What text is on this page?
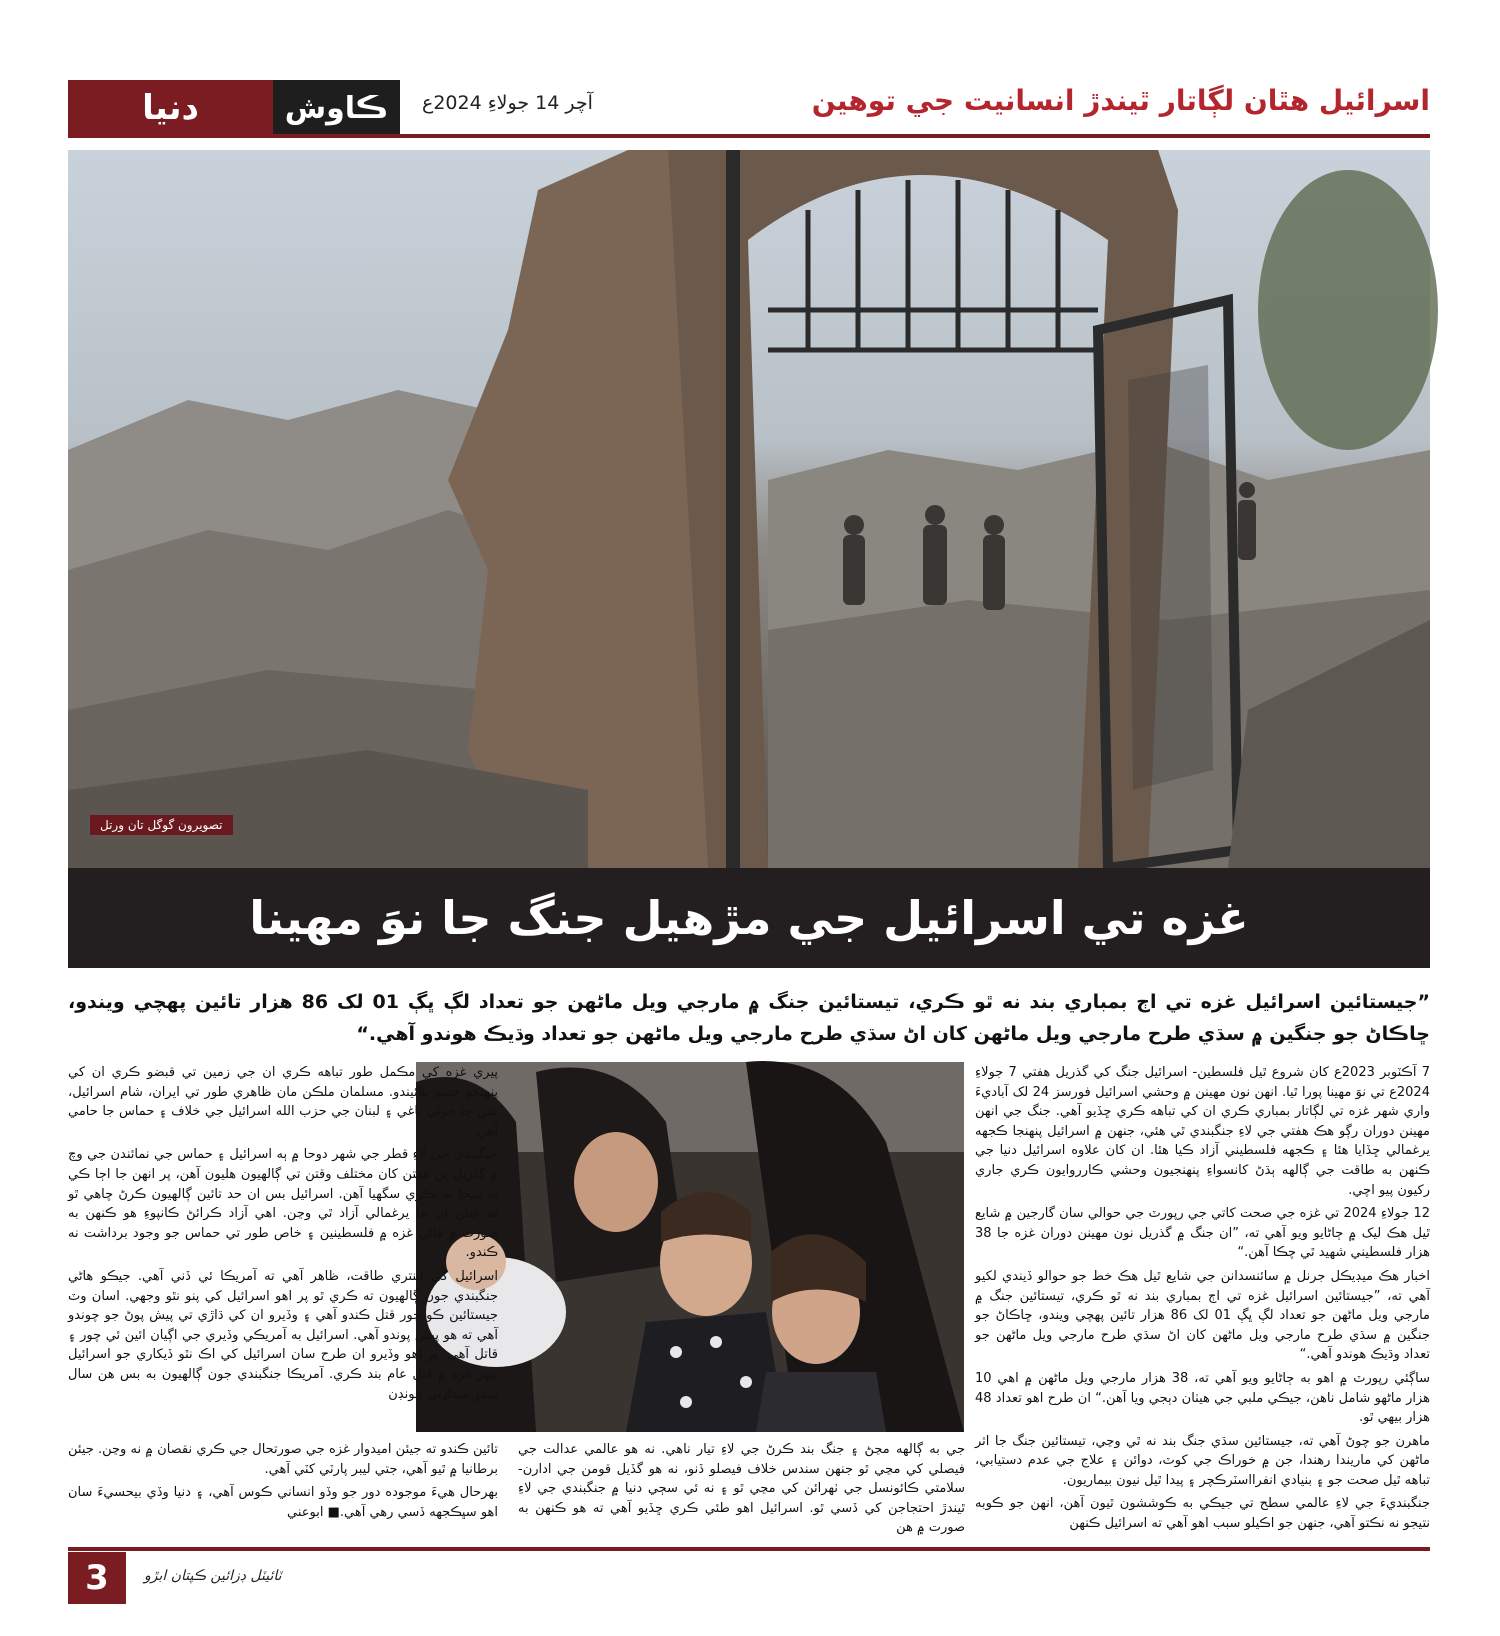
دنيا	ڪاوش	آچر 14 جولاءِ 2024ع	اسرائيل هٿان لڳاتار ٿيندڙ انسانيت جي توهين
تصويرون گوگل تان ورتل
غزه تي اسرائيل جي مڙهيل جنگ جا نوَ مهينا
”جيستائين اسرائيل غزه تي اڄ بمباري بند نه ٿو ڪري، تيستائين جنگ ۾ مارجي ويل ماڻهن جو تعداد لڳ ڀڳ 01 لک 86 هزار تائين پهچي ويندو، ڇاڪاڻ جو جنگين ۾ سڌي طرح مارجي ويل ماڻهن کان اڻ سڌي طرح مارجي ويل ماڻهن جو تعداد وڌيڪ هوندو آهي.“

7 آڪٽوبر 2023ع کان شروع ٿيل فلسطين- اسرائيل جنگ کي گذريل هفتي 7 جولاءِ 2024ع تي نوَ مهينا پورا ٿيا. انهن نون مهينن ۾ وحشي اسرائيل فورسز 24 لک آباديءَ واري شهر غزه تي لڳاتار بمباري ڪري ان کي تباهه ڪري ڇڏيو آهي. جنگ جي انهن مهينن دوران رڳو هڪ هفتي جي لاءِ جنگبندي ٿي هئي، جنهن ۾ اسرائيل پنهنجا ڪجهه يرغمالي ڇڏايا هئا ۽ ڪجهه فلسطيني آزاد ڪيا هئا. ان کان علاوه اسرائيل دنيا جي ڪنهن به طاقت جي ڳالهه ٻڌڻ کانسواءِ پنهنجيون وحشي ڪارروايون ڪري جاري رکيون پيو اچي.

12 جولاءِ 2024 تي غزه جي صحت کاتي جي رپورٽ جي حوالي سان گارجين ۾ شايع ٿيل هڪ ليک ۾ ڄاڻايو ويو آهي ته، ”ان جنگ ۾ گذريل نون مهينن دوران غزه جا 38 هزار فلسطيني شهيد ٿي چڪا آهن.“

اخبار هڪ ميڊيڪل جرنل ۾ سائنسدانن جي شايع ٿيل هڪ خط جو حوالو ڏيندي لکيو آهي ته، ”جيستائين اسرائيل غزه تي اڄ بمباري بند نه ٿو ڪري، تيستائين جنگ ۾ مارجي ويل ماڻهن جو تعداد لڳ ڀڳ 01 لک 86 هزار تائين پهچي ويندو، ڇاڪاڻ جو جنگين ۾ سڌي طرح مارجي ويل ماڻهن کان اڻ سڌي طرح مارجي ويل ماڻهن جو تعداد وڌيڪ هوندو آهي.“

ساڳئي رپورٽ ۾ اهو به ڄاڻايو ويو آهي ته، 38 هزار مارجي ويل ماڻهن ۾ اهي 10 هزار ماڻهو شامل ناهن، جيڪي ملبي جي هيٺان دٻجي ويا آهن.“ ان طرح اهو تعداد 48 هزار بيهي ٿو.

ماهرن جو چوڻ آهي ته، جيستائين سڌي جنگ بند نه ٿي وڃي، تيستائين جنگ جا اثر ماڻهن کي ماريندا رهندا، جن ۾ خوراڪ جي کوٽ، دوائن ۽ علاج جي عدم دستيابي، تباهه ٿيل صحت جو ۽ بنيادي انفرااسٽرڪچر ۽ پيدا ٿيل نيون بيماريون.

جنگبنديءَ جي لاءِ عالمي سطح تي جيڪي به ڪوششون ٿيون آهن، انهن جو ڪوبه نتيجو نه نڪتو آهي، جنهن جو اڪيلو سبب اهو آهي ته اسرائيل ڪنهن

پيري غزه کي مڪمل طور تباهه ڪري ان جي زمين تي قبضو ڪري ان کي پنهنجو حصو بڻائيندو. مسلمان ملڪن مان ظاهري طور تي ايران، شام اسرائيل، يمن جا حوثي باغي ۽ لبنان جي حزب الله اسرائيل جي خلاف ۽ حماس جا حامي آهن.

جنگبندي جي لاءِ قطر جي شهر دوحا ۾ ٻه اسرائيل ۽ حماس جي نمائندن جي وچ ۾ گذريل ٻن هفتن کان مختلف وقتن تي ڳالهيون هليون آهن، پر انهن جا اڄا ڪي به نتيجا نه نڪري سگهيا آهن. اسرائيل بس ان حد تائين ڳالهيون ڪرڻ چاهي ٿو ته جيئن ان جا يرغمالي آزاد ٿي وڃن. اهي آزاد ڪرائڻ ڪانپوءِ هو ڪنهن به صورت ۾ هاڻي غزه ۾ فلسطينين ۽ خاص طور تي حماس جو وجود برداشت نه ڪندو.

اسرائيل کي اينتري طاقت، ظاهر آهي ته آمريڪا ئي ڏني آهي. جيڪو هاڻي جنگبندي جون ڳالهيون ته ڪري ٿو پر اهو اسرائيل کي پنو نٿو وجهي. اسان وٽ جيستائين ڪو چور قتل ڪندو آهي ۽ وڏيرو ان کي ڌاڙي تي پيش پوڻ جو چوندو آهي ته هو پيش پوندو آهي. اسرائيل به آمريڪي وڏيري جي اڳيان ائين ئي چور ۽ قاتل آهي، پر اهو وڏيرو ان طرح سان اسرائيل کي اڪ نٿو ڏيکاري جو اسرائيل ٻيهر غزه ۾ قتل عام بند ڪري. آمريڪا جنگبندي جون ڳالهيون به بس هن سال ٿيندڙ صدارتي چونڊن

جي به ڳالهه مڃڻ ۽ جنگ بند ڪرڻ جي لاءِ تيار ناهي. نه هو عالمي عدالت جي فيصلي کي مڃي ٿو جنهن سندس خلاف فيصلو ڏنو، نه هو گڏيل قومن جي ادارن- سلامتي ڪائونسل جي ٺهرائن کي مڃي ٿو ۽ نه ئي سڄي دنيا ۾ جنگبندي جي لاءِ ٿيندڙ احتجاجن کي ڏسي ٿو. اسرائيل اهو طئي ڪري ڇڏيو آهي ته هو ڪنهن به صورت ۾ هن

تائين ڪندو ته جيئن اميدوار غزه جي صورتحال جي ڪري نقصان ۾ نه وڃن. جيئن برطانيا ۾ ٿيو آهي، جتي ليبر پارٽي کٽي آهي.

بهرحال هيءَ موجوده دور جو وڏو انساني ڪوس آهي، ۽ دنيا وڏي بيحسيءَ سان اهو سڀڪجهه ڏسي رهي آهي.■ ابوعني

3	ٽائيٽل ڊزائين ڪپتان ابڙو
